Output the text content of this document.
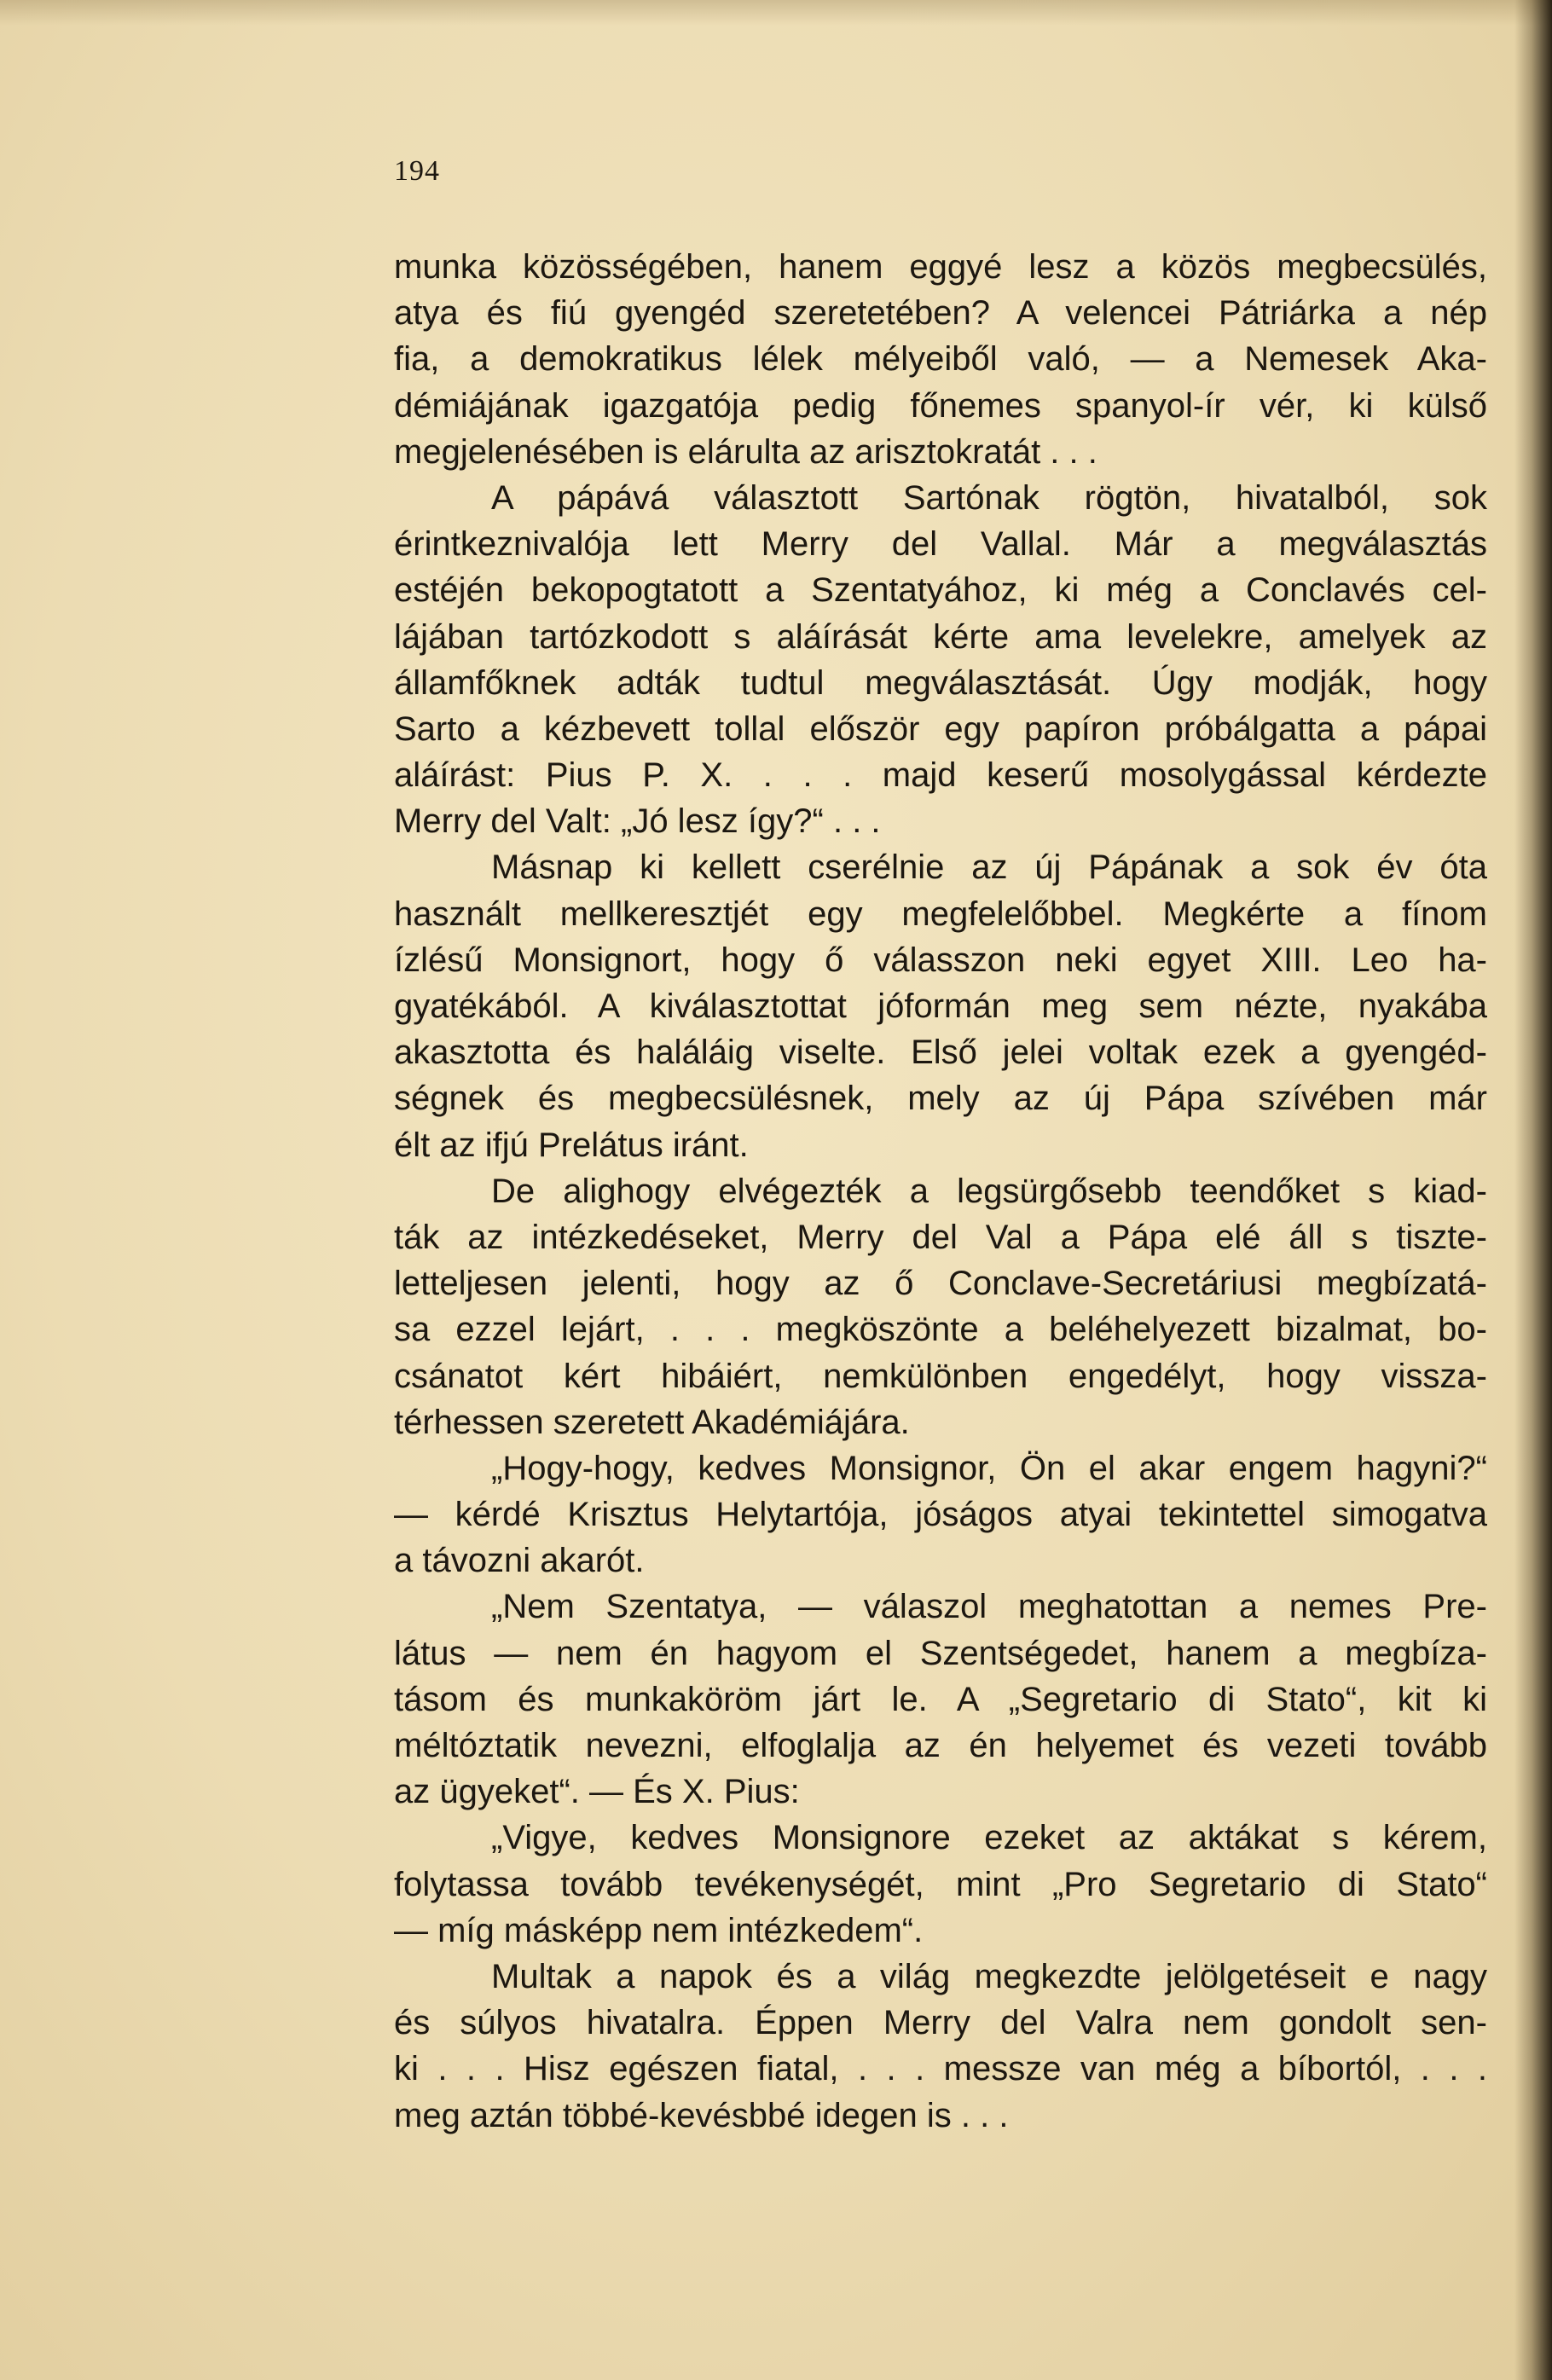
194
munka közösségében, hanem eggyé lesz a közös megbecsülés,
atya és fiú gyengéd szeretetében? A velencei Pátriárka a nép
fia, a demokratikus lélek mélyeiből való, — a Nemesek Aka-
démiájának igazgatója pedig főnemes spanyol-ír vér, ki külső
megjelenésében is elárulta az arisztokratát . . .
A pápává választott Sartónak rögtön, hivatalból, sok
érintkeznivalója lett Merry del Vallal. Már a megválasztás
estéjén bekopogtatott a Szentatyához, ki még a Conclavés cel-
lájában tartózkodott s aláírását kérte ama levelekre, amelyek az
államfőknek adták tudtul megválasztását. Úgy modják, hogy
Sarto a kézbevett tollal először egy papíron próbálgatta a pápai
aláírást: Pius P. X. . . . majd keserű mosolygással kérdezte
Merry del Valt: „Jó lesz így?“ . . .
Másnap ki kellett cserélnie az új Pápának a sok év óta
használt mellkeresztjét egy megfelelőbbel. Megkérte a fínom
ízlésű Monsignort, hogy ő válasszon neki egyet XIII. Leo ha-
gyatékából. A kiválasztottat jóformán meg sem nézte, nyakába
akasztotta és haláláig viselte. Első jelei voltak ezek a gyengéd-
ségnek és megbecsülésnek, mely az új Pápa szívében már
élt az ifjú Prelátus iránt.
De alighogy elvégezték a legsürgősebb teendőket s kiad-
ták az intézkedéseket, Merry del Val a Pápa elé áll s tiszte-
letteljesen jelenti, hogy az ő Conclave-Secretáriusi megbízatá-
sa ezzel lejárt, . . . megköszönte a beléhelyezett bizalmat, bo-
csánatot kért hibáiért, nemkülönben engedélyt, hogy vissza-
térhessen szeretett Akadémiájára.
„Hogy-hogy, kedves Monsignor, Ön el akar engem hagyni?“
— kérdé Krisztus Helytartója, jóságos atyai tekintettel simogatva
a távozni akarót.
„Nem Szentatya, — válaszol meghatottan a nemes Pre-
látus — nem én hagyom el Szentségedet, hanem a megbíza-
tásom és munkaköröm járt le. A „Segretario di Stato“, kit ki
méltóztatik nevezni, elfoglalja az én helyemet és vezeti tovább
az ügyeket“. — És X. Pius:
„Vigye, kedves Monsignore ezeket az aktákat s kérem,
folytassa tovább tevékenységét, mint „Pro Segretario di Stato“
— míg másképp nem intézkedem“.
Multak a napok és a világ megkezdte jelölgetéseit e nagy
és súlyos hivatalra. Éppen Merry del Valra nem gondolt sen-
ki . . . Hisz egészen fiatal, . . . messze van még a bíbortól, . . .
meg aztán többé-kevésbbé idegen is . . .
